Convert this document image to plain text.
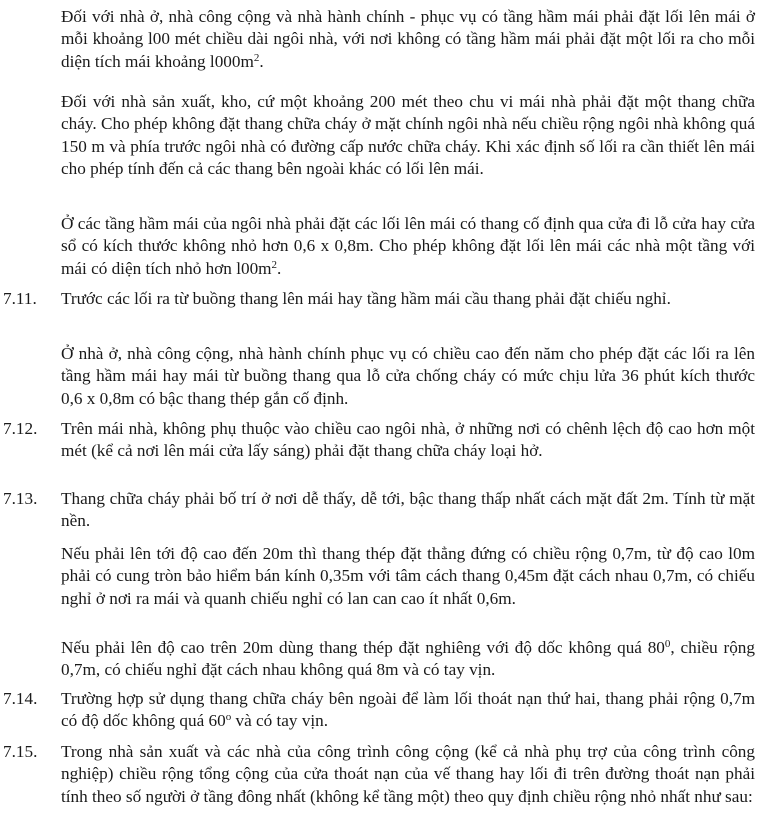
Đối với nhà ở, nhà công cộng và nhà hành chính - phục vụ có tầng hầm mái phải đặt lối lên mái ở mỗi khoảng l00 mét chiều dài ngôi nhà, với nơi không có tầng hầm mái phải đặt một lối ra cho mỗi diện tích mái khoảng $l000m^2$.

Đối với nhà sản xuất, kho, cứ một khoảng 200 mét theo chu vi mái nhà phải đặt một thang chữa cháy. Cho phép không đặt thang chữa cháy ở mặt chính ngôi nhà nếu chiều rộng ngôi nhà không quá 150 m và phía trước ngôi nhà có đường cấp nước chữa cháy. Khi xác định số lối ra cần thiết lên mái cho phép tính đến cả các thang bên ngoài khác có lối lên mái.

Ở các tầng hầm mái của ngôi nhà phải đặt các lối lên mái có thang cố định qua cửa đi lỗ cửa hay cửa sổ có kích thước không nhỏ hơn 0,6 x 0,8m. Cho phép không đặt lối lên mái các nhà một tầng với mái có diện tích nhỏ hơn $l00m^2$.

7.11. Trước các lối ra từ buồng thang lên mái hay tầng hầm mái cầu thang phải đặt chiếu nghỉ.

Ở nhà ở, nhà công cộng, nhà hành chính phục vụ có chiều cao đến năm cho phép đặt các lối ra lên tầng hầm mái hay mái từ buồng thang qua lỗ cửa chống cháy có mức chịu lửa 36 phút kích thước 0,6 x 0,8m có bậc thang thép gắn cố định.

7.12. Trên mái nhà, không phụ thuộc vào chiều cao ngôi nhà, ở những nơi có chênh lệch độ cao hơn một mét (kể cả nơi lên mái cửa lấy sáng) phải đặt thang chữa cháy loại hở.

7.13. Thang chữa cháy phải bố trí ở nơi dễ thấy, dễ tới, bậc thang thấp nhất cách mặt đất 2m. Tính từ mặt nền.

Nếu phải lên tới độ cao đến 20m thì thang thép đặt thẳng đứng có chiều rộng 0,7m, từ độ cao l0m phải có cung tròn bảo hiểm bán kính 0,35m với tâm cách thang 0,45m đặt cách nhau 0,7m, có chiếu nghỉ ở nơi ra mái và quanh chiếu nghỉ có lan can cao ít nhất 0,6m.

Nếu phải lên độ cao trên 20m dùng thang thép đặt nghiêng với độ dốc không quá $80^0$, chiều rộng 0,7m, có chiếu nghỉ đặt cách nhau không quá 8m và có tay vịn.

7.14. Trường hợp sử dụng thang chữa cháy bên ngoài để làm lối thoát nạn thứ hai, thang phải rộng 0,7m có độ dốc không quá 60$^o$ và có tay vịn.

7.15. Trong nhà sản xuất và các nhà của công trình công cộng (kể cả nhà phụ trợ của công trình công nghiệp) chiều rộng tổng cộng của cửa thoát nạn của vế thang hay lối đi trên đường thoát nạn phải tính theo số người ở tầng đông nhất (không kể tầng một) theo quy định chiều rộng nhỏ nhất như sau:
